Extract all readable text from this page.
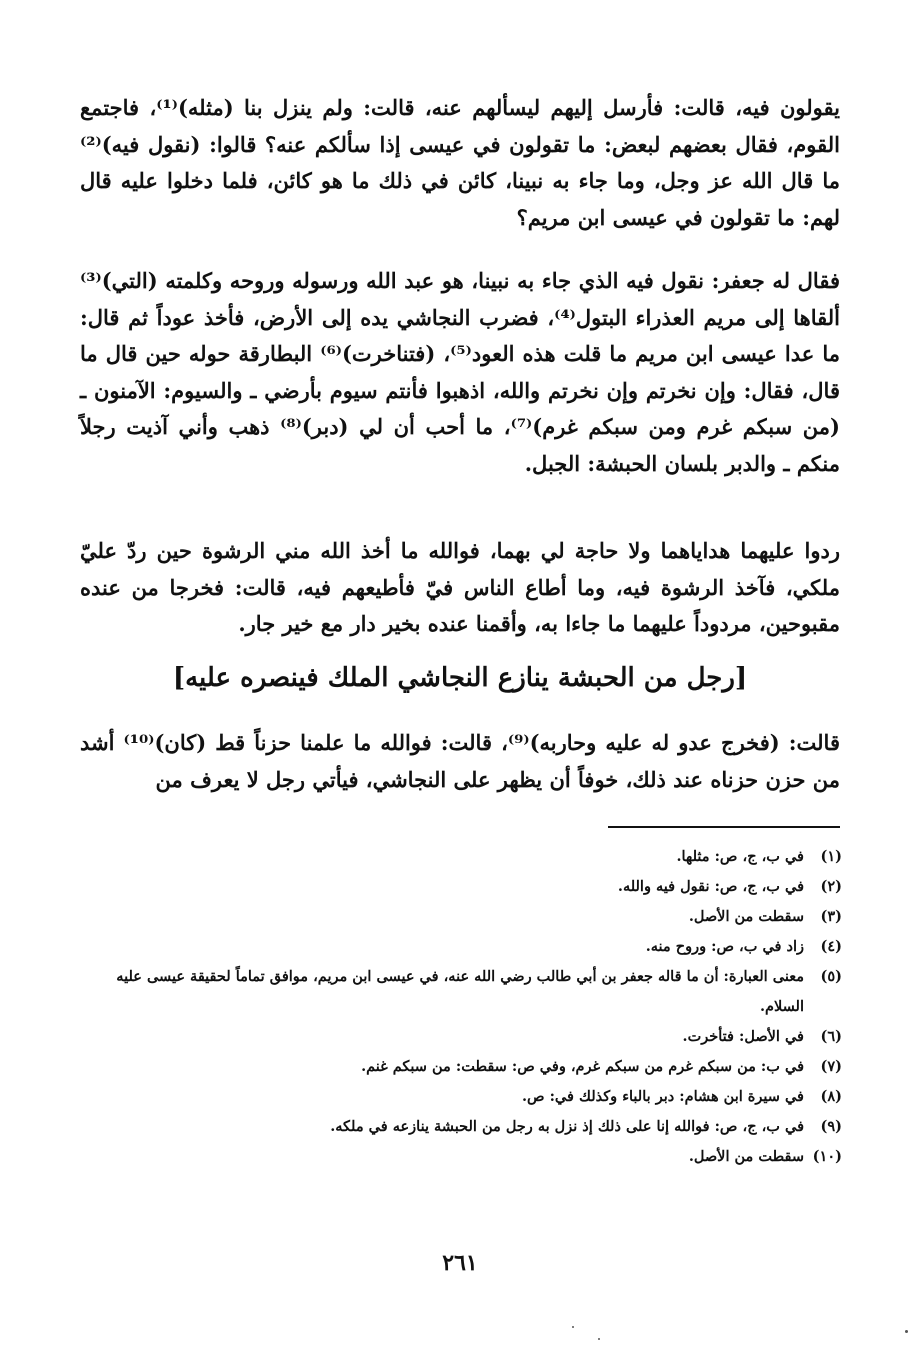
يقولون فيه، قالت: فأرسل إليهم ليسألهم عنه، قالت: ولم ينزل بنا (مثله)⁽¹⁾، فاجتمع القوم، فقال بعضهم لبعض: ما تقولون في عيسى إذا سألكم عنه؟ قالوا: (نقول فيه)⁽²⁾ ما قال الله عز وجل، وما جاء به نبينا، كائن في ذلك ما هو كائن، فلما دخلوا عليه قال لهم: ما تقولون في عيسى ابن مريم؟

فقال له جعفر: نقول فيه الذي جاء به نبينا، هو عبد الله ورسوله وروحه وكلمته (التي)⁽³⁾ ألقاها إلى مريم العذراء البتول⁽⁴⁾، فضرب النجاشي يده إلى الأرض، فأخذ عوداً ثم قال: ما عدا عيسى ابن مريم ما قلت هذه العود⁽⁵⁾، (فتناخرت)⁽⁶⁾ البطارقة حوله حين قال ما قال، فقال: وإن نخرتم وإن نخرتم والله، اذهبوا فأنتم سيوم بأرضي ـ والسيوم: الآمنون ـ (من سبكم غرم ومن سبكم غرم)⁽⁷⁾، ما أحب أن لي (دبر)⁽⁸⁾ ذهب وأني آذيت رجلاً منكم ـ والدبر بلسان الحبشة: الجبل.

ردوا عليهما هداياهما ولا حاجة لي بهما، فوالله ما أخذ الله مني الرشوة حين ردّ عليّ ملكي، فآخذ الرشوة فيه، وما أطاع الناس فيّ فأطيعهم فيه، قالت: فخرجا من عنده مقبوحين، مردوداً عليهما ما جاءا به، وأقمنا عنده بخير دار مع خير جار.

[رجل من الحبشة ينازع النجاشي الملك فينصره عليه]

قالت: (فخرج عدو له عليه وحاربه)⁽⁹⁾، قالت: فوالله ما علمنا حزناً قط (كان)⁽¹⁰⁾ أشد من حزن حزناه عند ذلك، خوفاً أن يظهر على النجاشي، فيأتي رجل لا يعرف من

(١)
في ب، ج، ص: مثلها.
(٢)
في ب، ج، ص: نقول فيه والله.
(٣)
سقطت من الأصل.
(٤)
زاد في ب، ص: وروح منه.
(٥)
معنى العبارة: أن ما قاله جعفر بن أبي طالب رضي الله عنه، في عيسى ابن مريم، موافق تماماً لحقيقة عيسى عليه السلام.
(٦)
في الأصل: فتأخرت.
(٧)
في ب: من سبكم غرم من سبكم غرم، وفي ص: سقطت: من سبكم غنم.
(٨)
في سيرة ابن هشام: دبر بالباء وكذلك في: ص.
(٩)
في ب، ج، ص: فوالله إنا على ذلك إذ نزل به رجل من الحبشة ينازعه في ملكه.
(١٠)
سقطت من الأصل.
٢٦١
